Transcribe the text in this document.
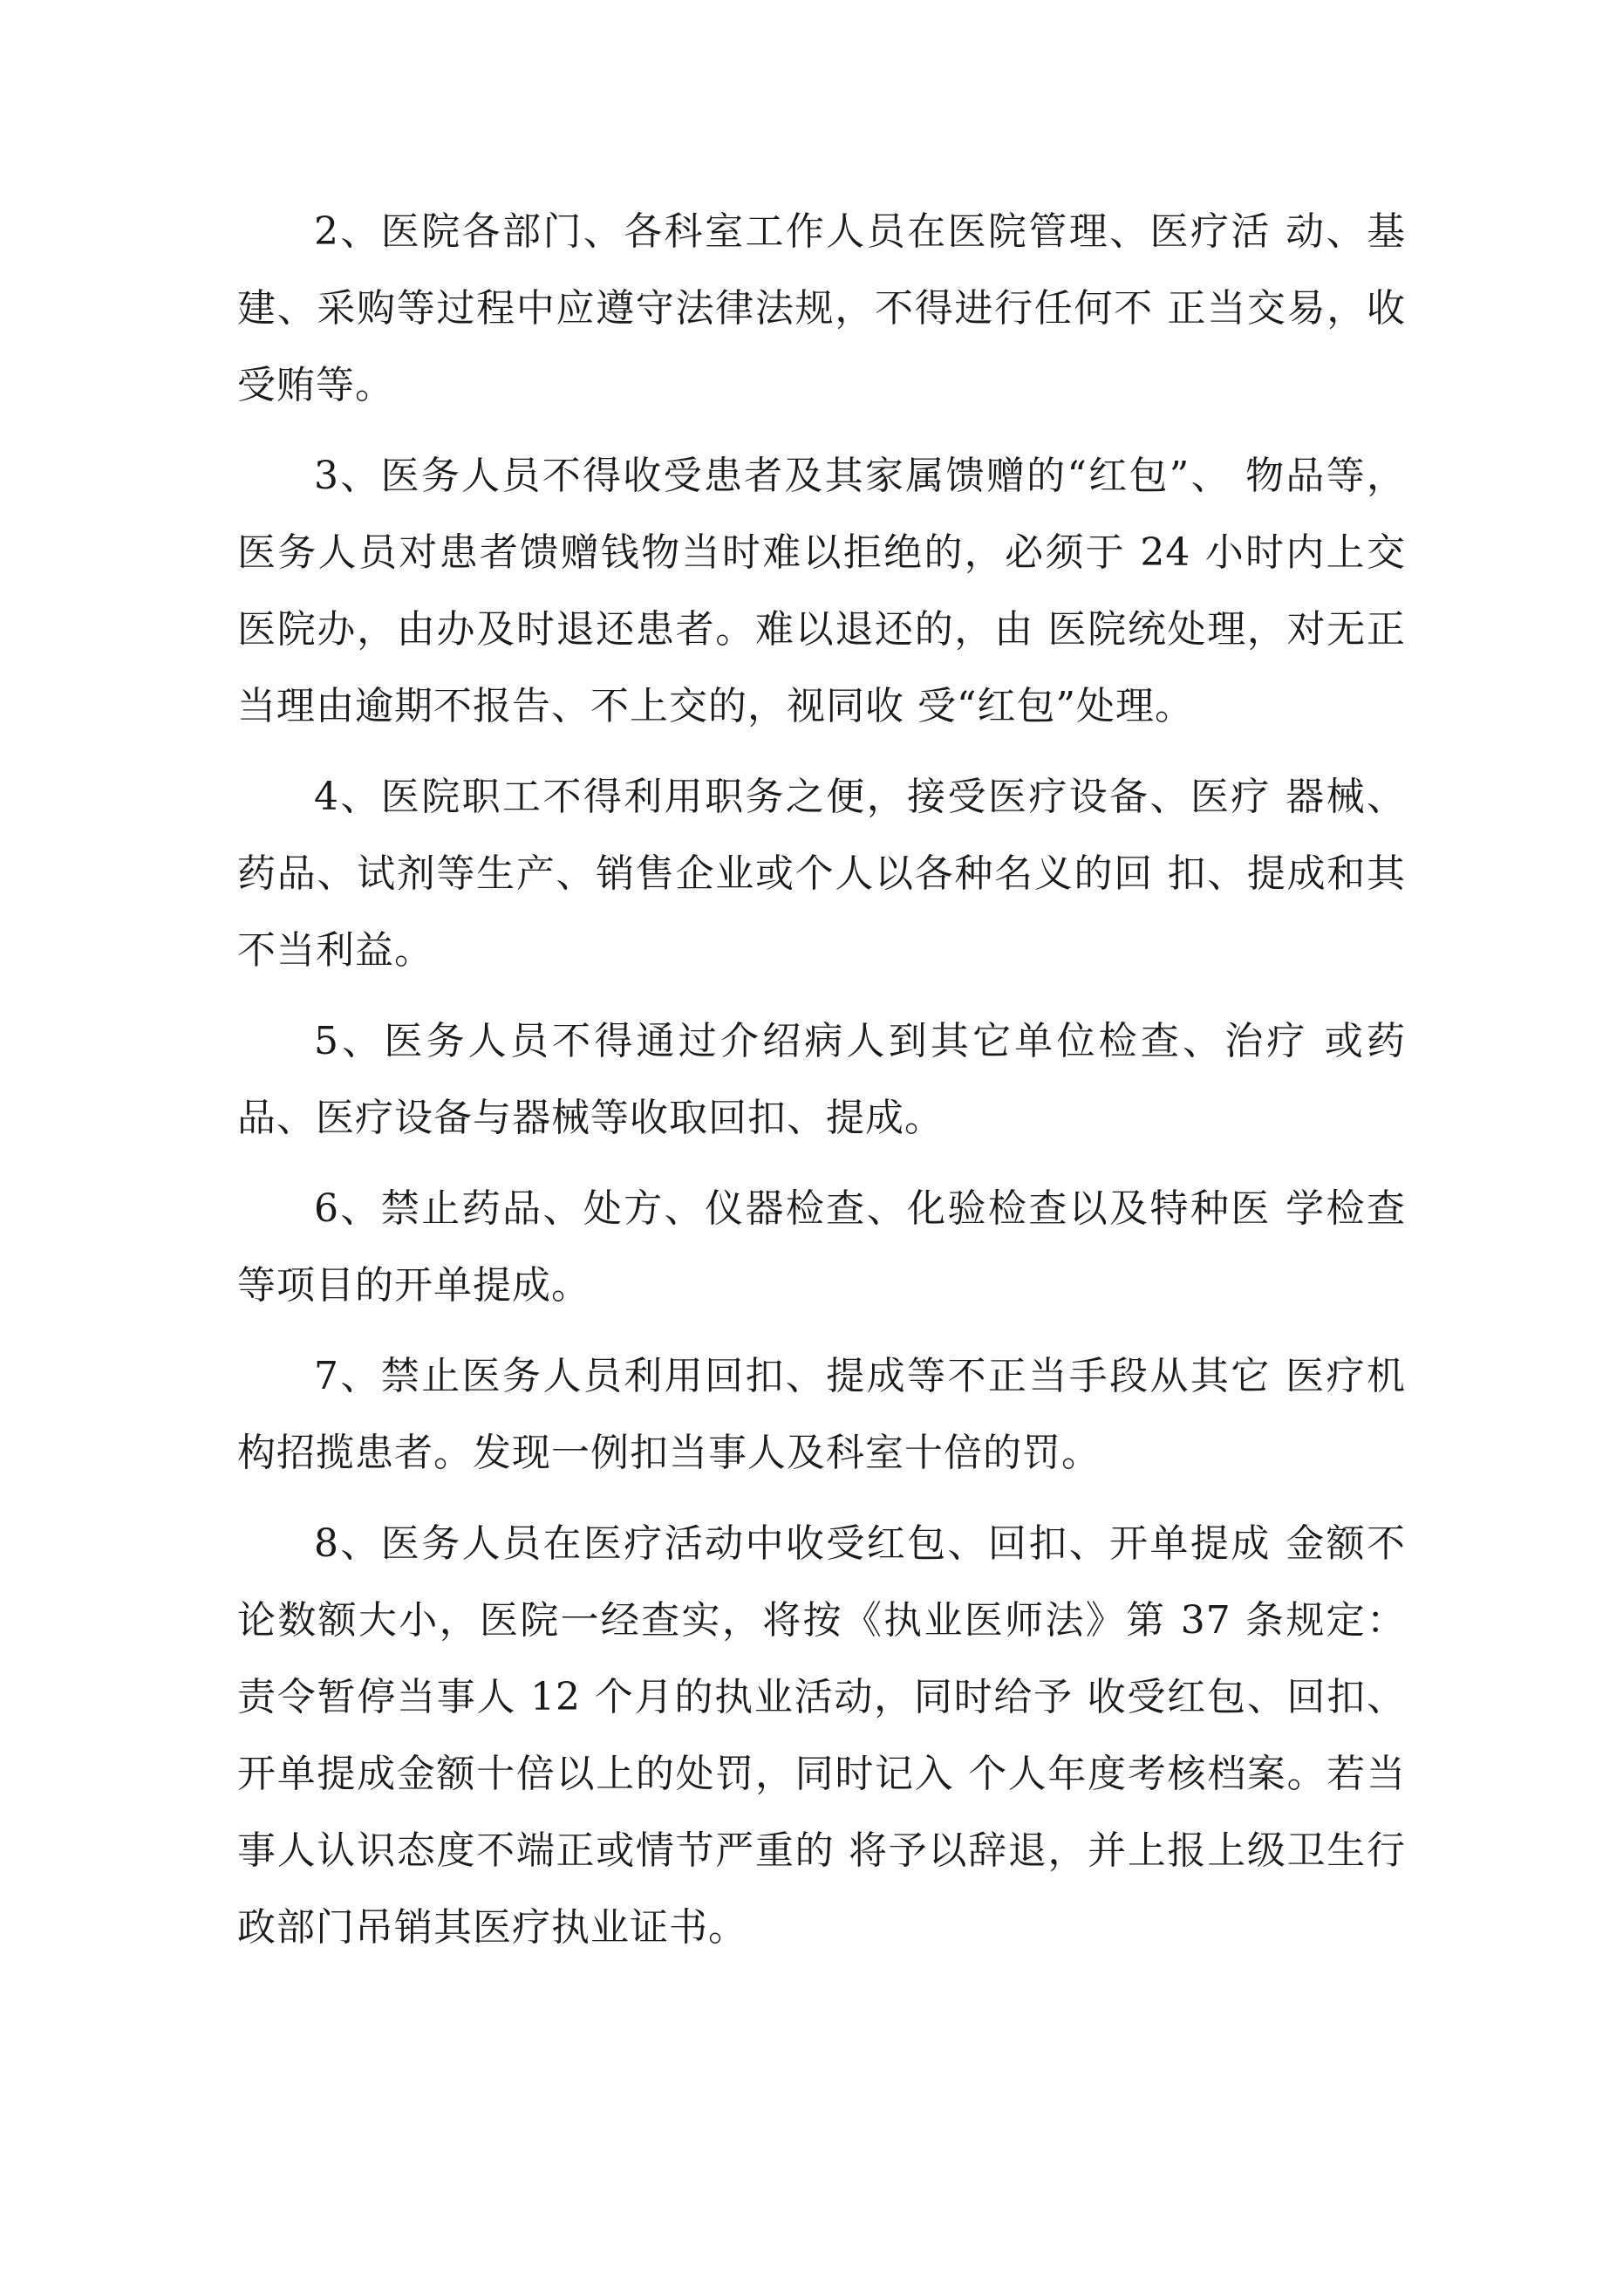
2、医院各部门、各科室工作人员在医院管理、医疗活 动、基建、采购等过程中应遵守法律法规，不得进行任何不 正当交易，收受贿等。

3、医务人员不得收受患者及其家属馈赠的“红包”、 物品等，医务人员对患者馈赠钱物当时难以拒绝的，必须于 24 小时内上交医院办，由办及时退还患者。难以退还的，由 医院统处理，对无正当理由逾期不报告、不上交的，视同收 受“红包”处理。

4、医院职工不得利用职务之便，接受医疗设备、医疗 器械、药品、试剂等生产、销售企业或个人以各种名义的回 扣、提成和其不当利益。

5、医务人员不得通过介绍病人到其它单位检查、治疗 或药品、医疗设备与器械等收取回扣、提成。

6、禁止药品、处方、仪器检查、化验检查以及特种医 学检查等项目的开单提成。

7、禁止医务人员利用回扣、提成等不正当手段从其它 医疗机构招揽患者。发现一例扣当事人及科室十倍的罚。

8、医务人员在医疗活动中收受红包、回扣、开单提成 金额不论数额大小，医院一经查实，将按《执业医师法》第 37 条规定：责令暂停当事人 12 个月的执业活动，同时给予 收受红包、回扣、开单提成金额十倍以上的处罚，同时记入 个人年度考核档案。若当事人认识态度不端正或情节严重的 将予以辞退，并上报上级卫生行政部门吊销其医疗执业证书。
